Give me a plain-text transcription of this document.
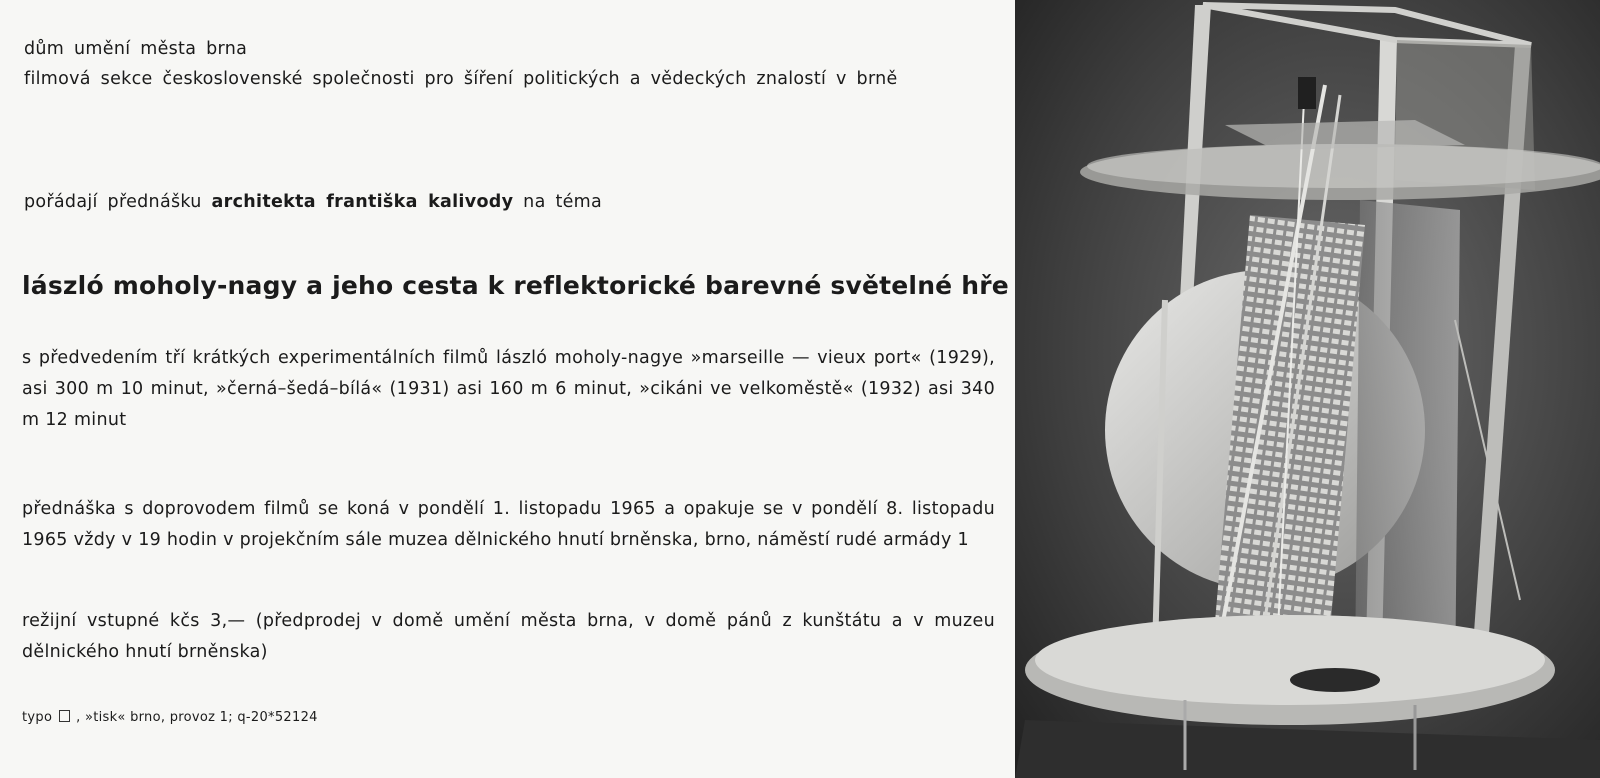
dům umění města brna
filmová sekce československé společnosti pro šíření politických a vědeckých znalostí v brně
pořádají přednášku architekta františka kalivody na téma
lászló moholy-nagy a jeho cesta k reflektorické barevné světelné hře
s předvedením tří krátkých experimentálních filmů lászló moholy-nagye »marseille — vieux port« (1929), asi 300 m 10 minut, »černá–šedá–bílá« (1931) asi 160 m 6 minut, »cikáni ve velkoměstě« (1932) asi 340 m 12 minut
přednáška s doprovodem filmů se koná v pondělí 1. listopadu 1965 a opakuje se v pondělí 8. listopadu 1965 vždy v 19 hodin v projekčním sále muzea dělnického hnutí brněnska, brno, náměstí rudé armády 1
režijní vstupné kčs 3,— (předprodej v domě umění města brna, v domě pánů z kunštátu a v muzeu dělnického hnutí brněnska)
typo , »tisk« brno, provoz 1; q-20*52124
